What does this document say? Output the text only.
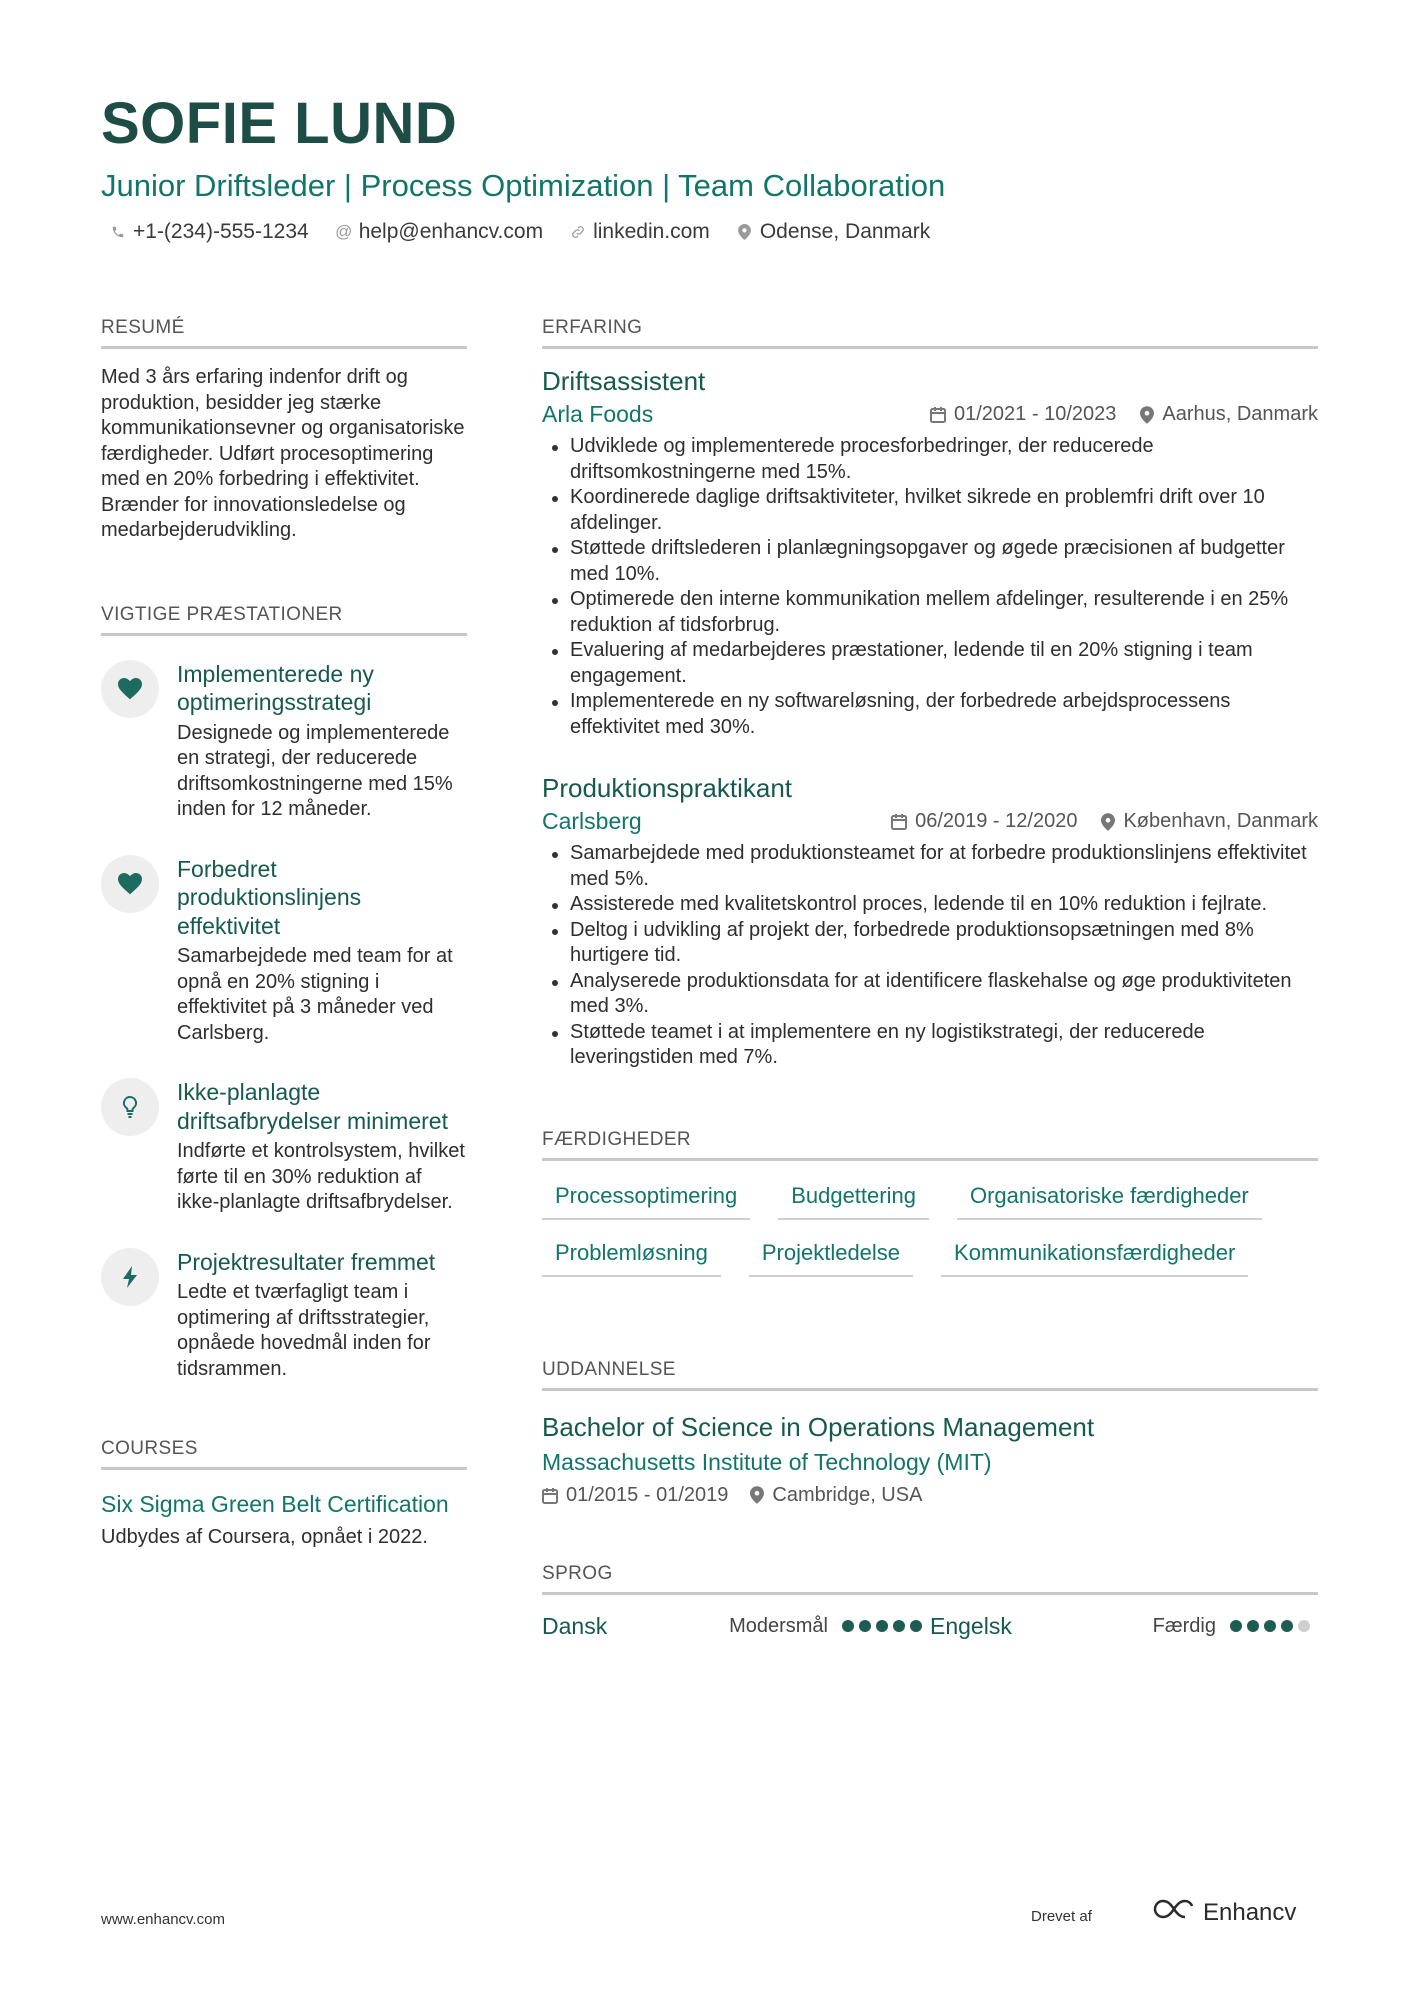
SOFIE LUND
Junior Driftsleder | Process Optimization | Team Collaboration
+1-(234)-555-1234 @ help@enhancv.com linkedin.com Odense, Danmark
RESUMÉ
Med 3 års erfaring indenfor drift og produktion, besidder jeg stærke kommunikationsevner og organisatoriske færdigheder. Udført procesoptimering med en 20% forbedring i effektivitet. Brænder for innovationsledelse og medarbejderudvikling.
VIGTIGE PRÆSTATIONER
Implementerede ny optimeringsstrategi
Designede og implementerede en strategi, der reducerede driftsomkostningerne med 15% inden for 12 måneder.
Forbedret produktionslinjens effektivitet
Samarbejdede med team for at opnå en 20% stigning i effektivitet på 3 måneder ved Carlsberg.
Ikke-planlagte driftsafbrydelser minimeret
Indførte et kontrolsystem, hvilket førte til en 30% reduktion af ikke-planlagte driftsafbrydelser.
Projektresultater fremmet
Ledte et tværfagligt team i optimering af driftsstrategier, opnåede hovedmål inden for tidsrammen.
COURSES
Six Sigma Green Belt Certification
Udbydes af Coursera, opnået i 2022.
ERFARING
Driftsassistent
Arla Foods	01/2021 - 10/2023 Aarhus, Danmark
Udviklede og implementerede procesforbedringer, der reducerede driftsomkostningerne med 15%.
Koordinerede daglige driftsaktiviteter, hvilket sikrede en problemfri drift over 10 afdelinger.
Støttede driftslederen i planlægningsopgaver og øgede præcisionen af budgetter med 10%.
Optimerede den interne kommunikation mellem afdelinger, resulterende i en 25% reduktion af tidsforbrug.
Evaluering af medarbejderes præstationer, ledende til en 20% stigning i team engagement.
Implementerede en ny softwareløsning, der forbedrede arbejdsprocessens effektivitet med 30%.
Produktionspraktikant
Carlsberg	06/2019 - 12/2020 København, Danmark
Samarbejdede med produktionsteamet for at forbedre produktionslinjens effektivitet med 5%.
Assisterede med kvalitetskontrol proces, ledende til en 10% reduktion i fejlrate.
Deltog i udvikling af projekt der, forbedrede produktionsopsætningen med 8% hurtigere tid.
Analyserede produktionsdata for at identificere flaskehalse og øge produktiviteten med 3%.
Støttede teamet i at implementere en ny logistikstrategi, der reducerede leveringstiden med 7%.
FÆRDIGHEDER
Processoptimering	Budgettering	Organisatoriske færdigheder
Problemløsning	Projektledelse	Kommunikationsfærdigheder
UDDANNELSE
Bachelor of Science in Operations Management
Massachusetts Institute of Technology (MIT)
01/2015 - 01/2019 Cambridge, USA
SPROG
Dansk	Modersmål	Engelsk	Færdig
www.enhancv.com	Drevet af	Enhancv
